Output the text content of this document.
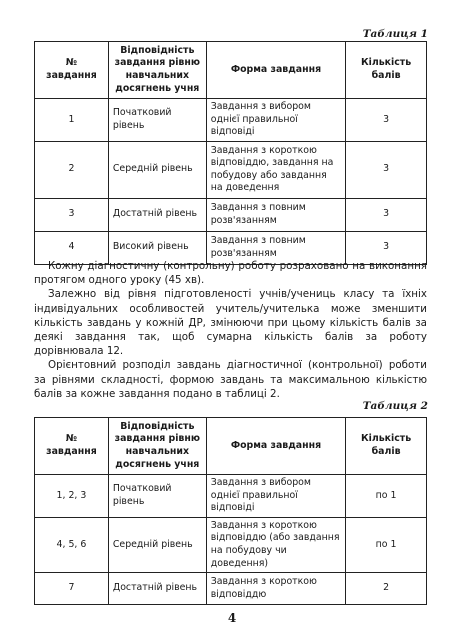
Таблиця 1
№ завдання	Відповідність завдання рівню навчальних досягнень учня	Форма завдання	Кількість балів
1	Початковий рівень	Завдання з вибором однієї правильної відповіді	3
2	Середній рівень	Завдання з короткою відповіддю, завдання на побудову або завдання на доведення	3
3	Достатній рівень	Завдання з повним розв'язанням	3
4	Високий рівень	Завдання з повним розв'язанням	3

Кожну діагностичну (контрольну) роботу розраховано на виконання протягом одного уроку (45 хв).

Залежно від рівня підготовленості учнів/учениць класу та їхніх індивідуальних особливостей учитель/учителька може зменшити кількість завдань у кожній ДР, змінюючи при цьому кількість балів за деякі завдання так, щоб сумарна кількість балів за роботу дорівнювала 12.

Орієнтовний розподіл завдань діагностичної (контрольної) роботи за рівнями складності, формою завдань та максимальною кількістю балів за кожне завдання подано в таблиці 2.

Таблиця 2
№ завдання	Відповідність завдання рівню навчальних досягнень учня	Форма завдання	Кількість балів
1, 2, 3	Початковий рівень	Завдання з вибором однієї правильної відповіді	по 1
4, 5, 6	Середній рівень	Завдання з короткою відповіддю (або завдання на побудову чи доведення)	по 1
7	Достатній рівень	Завдання з короткою відповіддю	2
4
